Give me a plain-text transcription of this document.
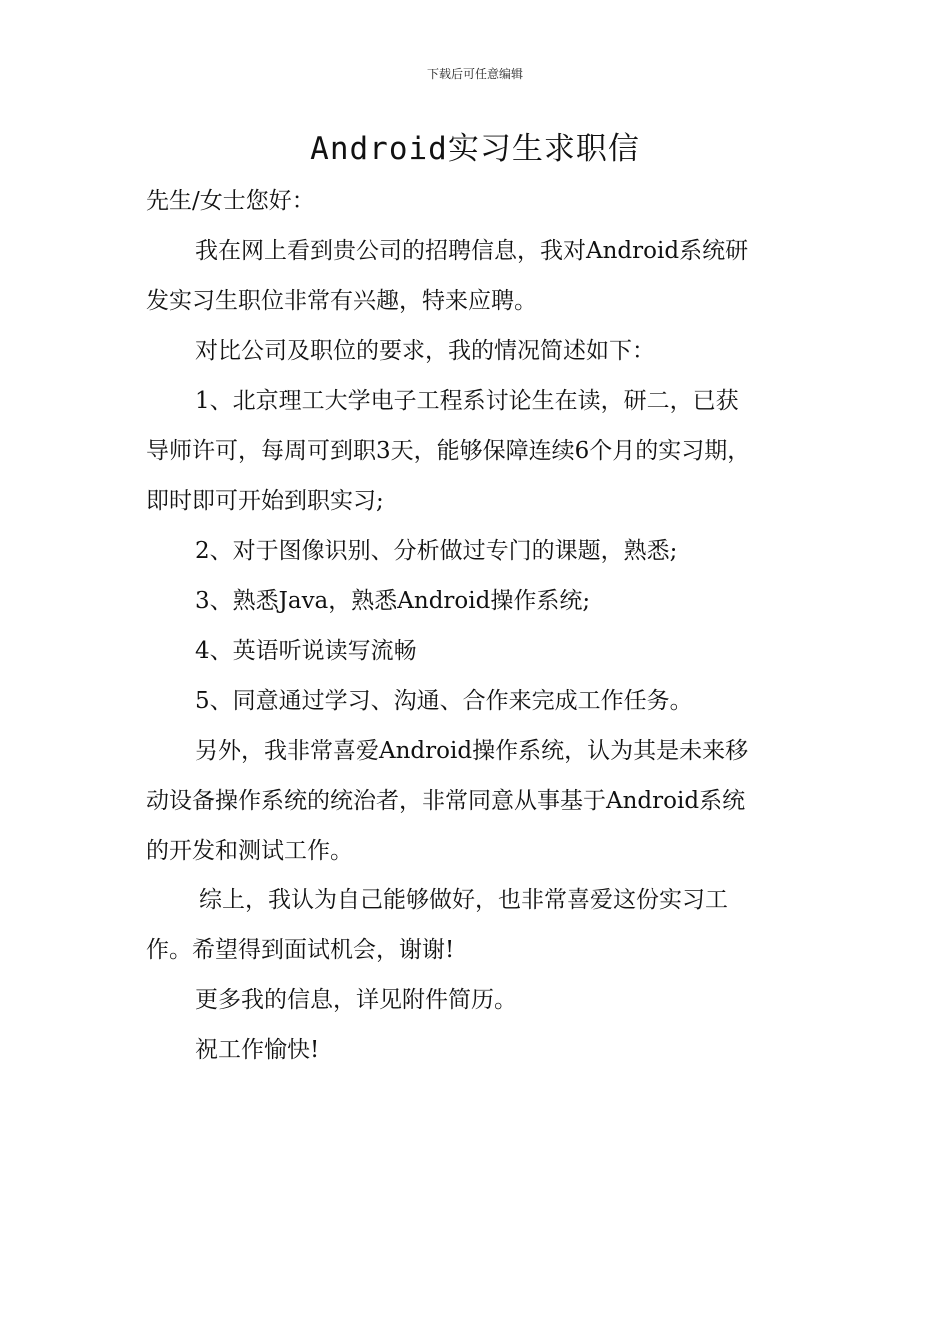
下载后可任意编辑
Android实习生求职信
先生/女士您好：
我在网上看到贵公司的招聘信息，我对Android系统研
发实习生职位非常有兴趣，特来应聘。
对比公司及职位的要求，我的情况简述如下：
1、北京理工大学电子工程系讨论生在读，研二，已获
导师许可，每周可到职3天，能够保障连续6个月的实习期，
即时即可开始到职实习;
2、对于图像识别、分析做过专门的课题，熟悉;
3、熟悉Java，熟悉Android操作系统;
4、英语听说读写流畅
5、同意通过学习、沟通、合作来完成工作任务。
另外，我非常喜爱Android操作系统，认为其是未来移
动设备操作系统的统治者，非常同意从事基于Android系统
的开发和测试工作。
综上，我认为自己能够做好，也非常喜爱这份实习工
作。希望得到面试机会，谢谢!
更多我的信息，详见附件简历。
祝工作愉快!
